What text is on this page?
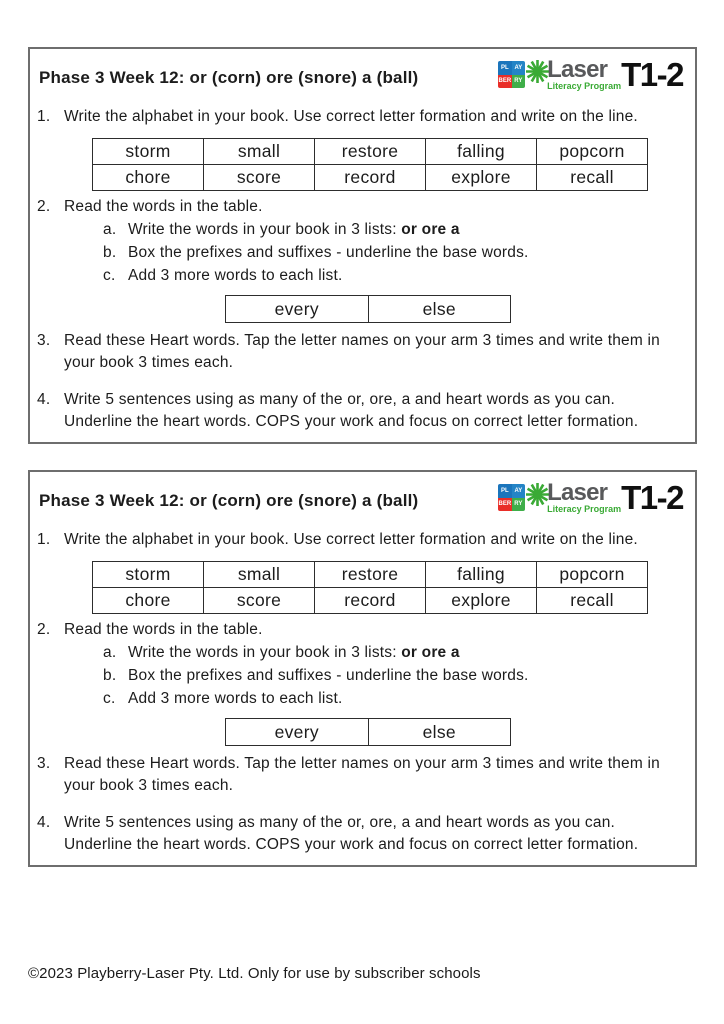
Phase 3 Week 12: or (corn) ore (snore) a (ball)
PL AY
BER RY Laser
Literacy Program T1-2
1. Write the alphabet in your book. Use correct letter formation and write on the line.
storm	small	restore	falling	popcorn
chore	score	record	explore	recall
2. Read the words in the table.
a. Write the words in your book in 3 lists: or ore a
b. Box the prefixes and suffixes - underline the base words.
c. Add 3 more words to each list.
every	else
3. Read these Heart words. Tap the letter names on your arm 3 times and write them in your book 3 times each.
4. Write 5 sentences using as many of the or, ore, a and heart words as you can. Underline the heart words. COPS your work and focus on correct letter formation.
Phase 3 Week 12: or (corn) ore (snore) a (ball)
PL AY
BER RY Laser
Literacy Program T1-2
1. Write the alphabet in your book. Use correct letter formation and write on the line.
storm	small	restore	falling	popcorn
chore	score	record	explore	recall
2. Read the words in the table.
a. Write the words in your book in 3 lists: or ore a
b. Box the prefixes and suffixes - underline the base words.
c. Add 3 more words to each list.
every	else
3. Read these Heart words. Tap the letter names on your arm 3 times and write them in your book 3 times each.
4. Write 5 sentences using as many of the or, ore, a and heart words as you can. Underline the heart words. COPS your work and focus on correct letter formation.
©2023 Playberry-Laser Pty. Ltd. Only for use by subscriber schools
